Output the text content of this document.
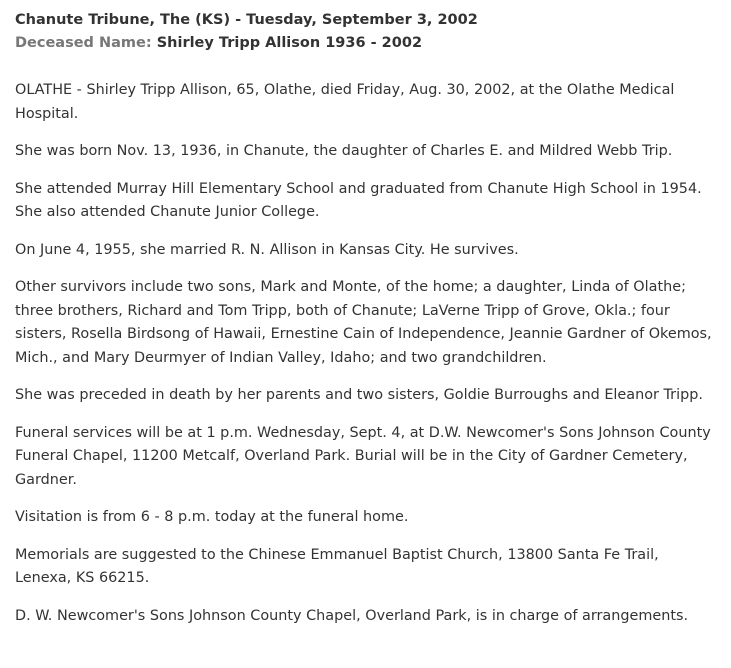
Chanute Tribune, The (KS) - Tuesday, September 3, 2002
Deceased Name: Shirley Tripp Allison 1936 - 2002

OLATHE - Shirley Tripp Allison, 65, Olathe, died Friday, Aug. 30, 2002, at the Olathe Medical Hospital.

She was born Nov. 13, 1936, in Chanute, the daughter of Charles E. and Mildred Webb Trip.

She attended Murray Hill Elementary School and graduated from Chanute High School in 1954. She also attended Chanute Junior College.

On June 4, 1955, she married R. N. Allison in Kansas City. He survives.

Other survivors include two sons, Mark and Monte, of the home; a daughter, Linda of Olathe; three brothers, Richard and Tom Tripp, both of Chanute; LaVerne Tripp of Grove, Okla.; four sisters, Rosella Birdsong of Hawaii, Ernestine Cain of Independence, Jeannie Gardner of Okemos, Mich., and Mary Deurmyer of Indian Valley, Idaho; and two grandchildren.

She was preceded in death by her parents and two sisters, Goldie Burroughs and Eleanor Tripp.

Funeral services will be at 1 p.m. Wednesday, Sept. 4, at D.W. Newcomer's Sons Johnson County Funeral Chapel, 11200 Metcalf, Overland Park. Burial will be in the City of Gardner Cemetery, Gardner.

Visitation is from 6 - 8 p.m. today at the funeral home.

Memorials are suggested to the Chinese Emmanuel Baptist Church, 13800 Santa Fe Trail, Lenexa, KS 66215.

D. W. Newcomer's Sons Johnson County Chapel, Overland Park, is in charge of arrangements.
